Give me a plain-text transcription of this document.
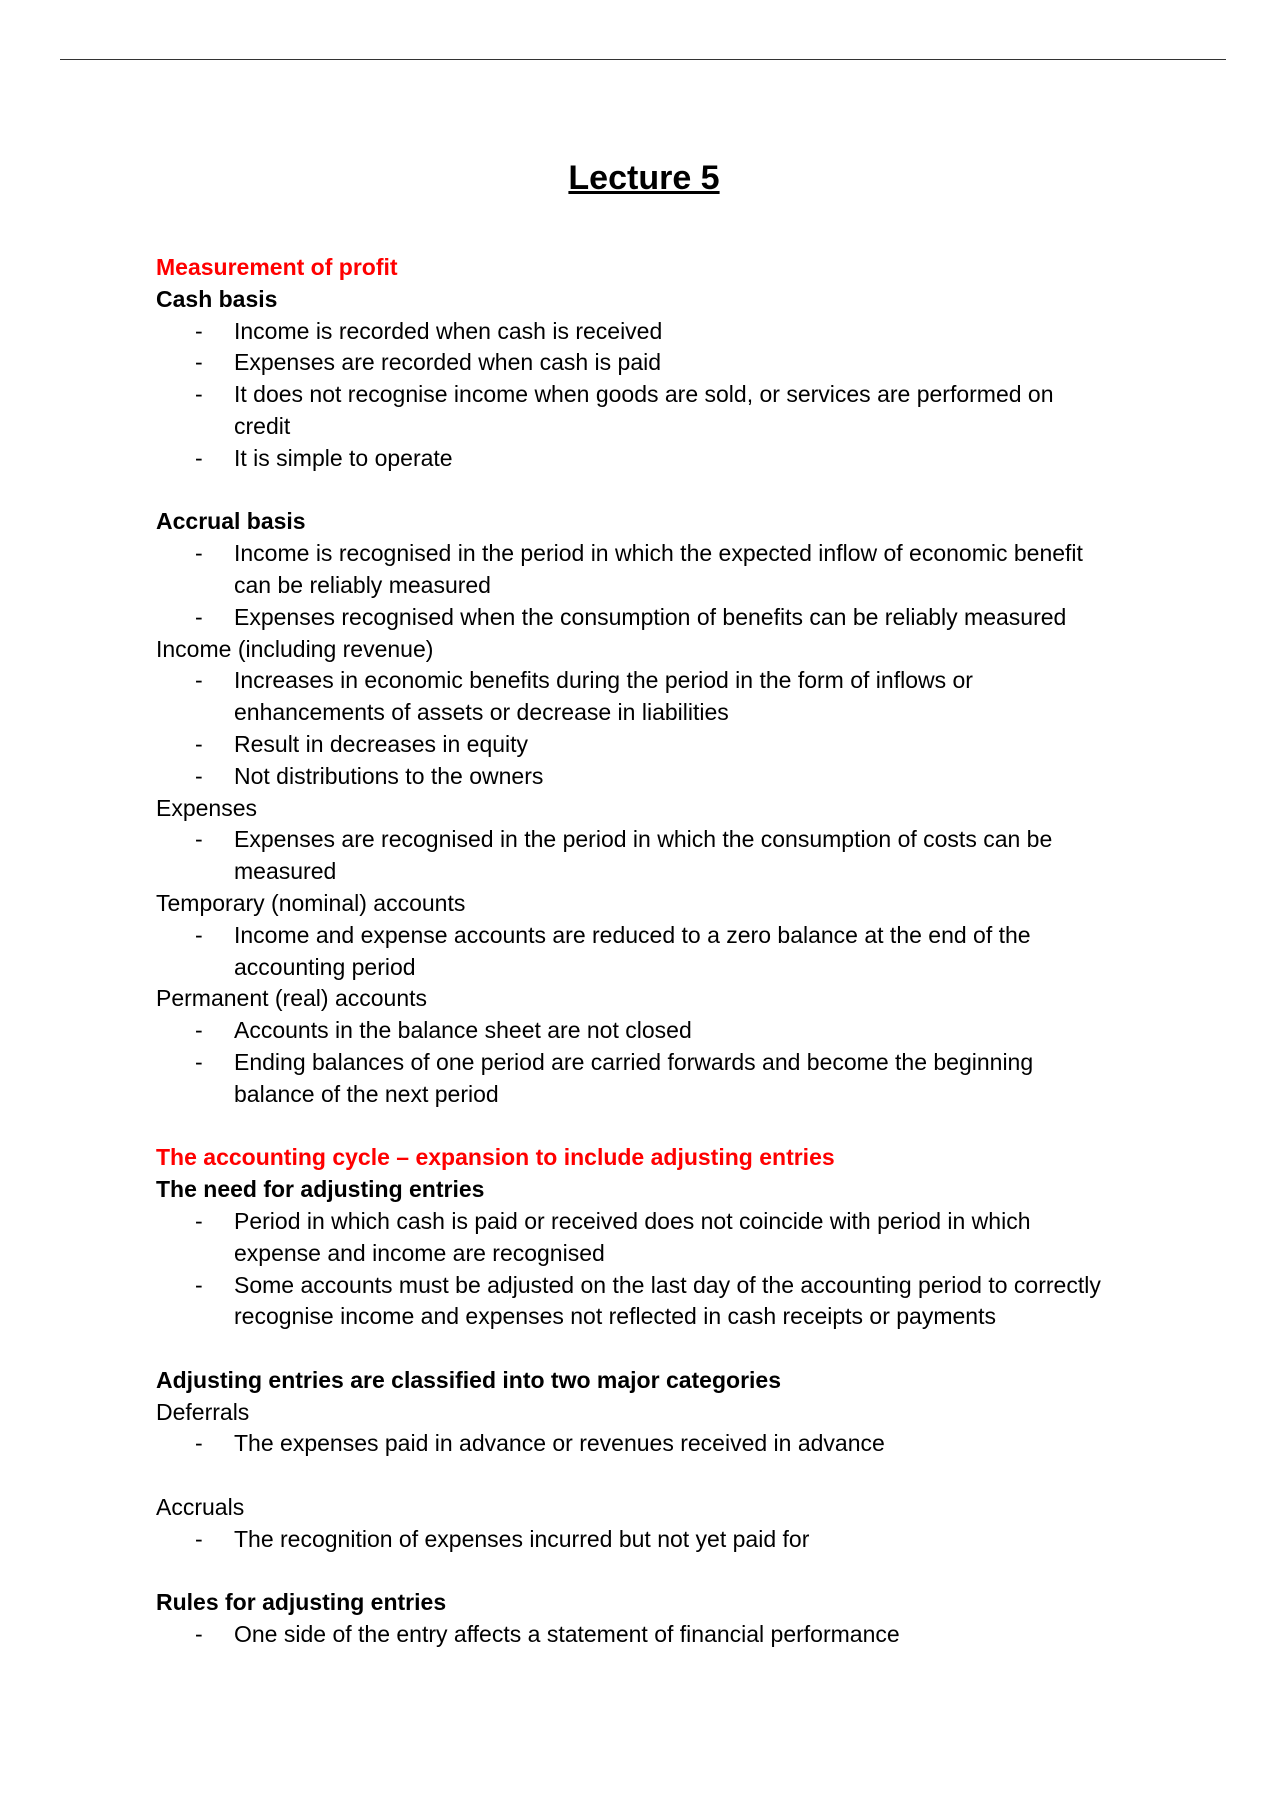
Lecture 5
Measurement of profit
Cash basis
- Income is recorded when cash is received
- Expenses are recorded when cash is paid
- It does not recognise income when goods are sold, or services are performed on
credit
- It is simple to operate
Accrual basis
- Income is recognised in the period in which the expected inflow of economic benefit
can be reliably measured
- Expenses recognised when the consumption of benefits can be reliably measured
Income (including revenue)
- Increases in economic benefits during the period in the form of inflows or
enhancements of assets or decrease in liabilities
- Result in decreases in equity
- Not distributions to the owners
Expenses
- Expenses are recognised in the period in which the consumption of costs can be
measured
Temporary (nominal) accounts
- Income and expense accounts are reduced to a zero balance at the end of the
accounting period
Permanent (real) accounts
- Accounts in the balance sheet are not closed
- Ending balances of one period are carried forwards and become the beginning
balance of the next period
The accounting cycle – expansion to include adjusting entries
The need for adjusting entries
- Period in which cash is paid or received does not coincide with period in which
expense and income are recognised
- Some accounts must be adjusted on the last day of the accounting period to correctly
recognise income and expenses not reflected in cash receipts or payments
Adjusting entries are classified into two major categories
Deferrals
- The expenses paid in advance or revenues received in advance
Accruals
- The recognition of expenses incurred but not yet paid for
Rules for adjusting entries
- One side of the entry affects a statement of financial performance
